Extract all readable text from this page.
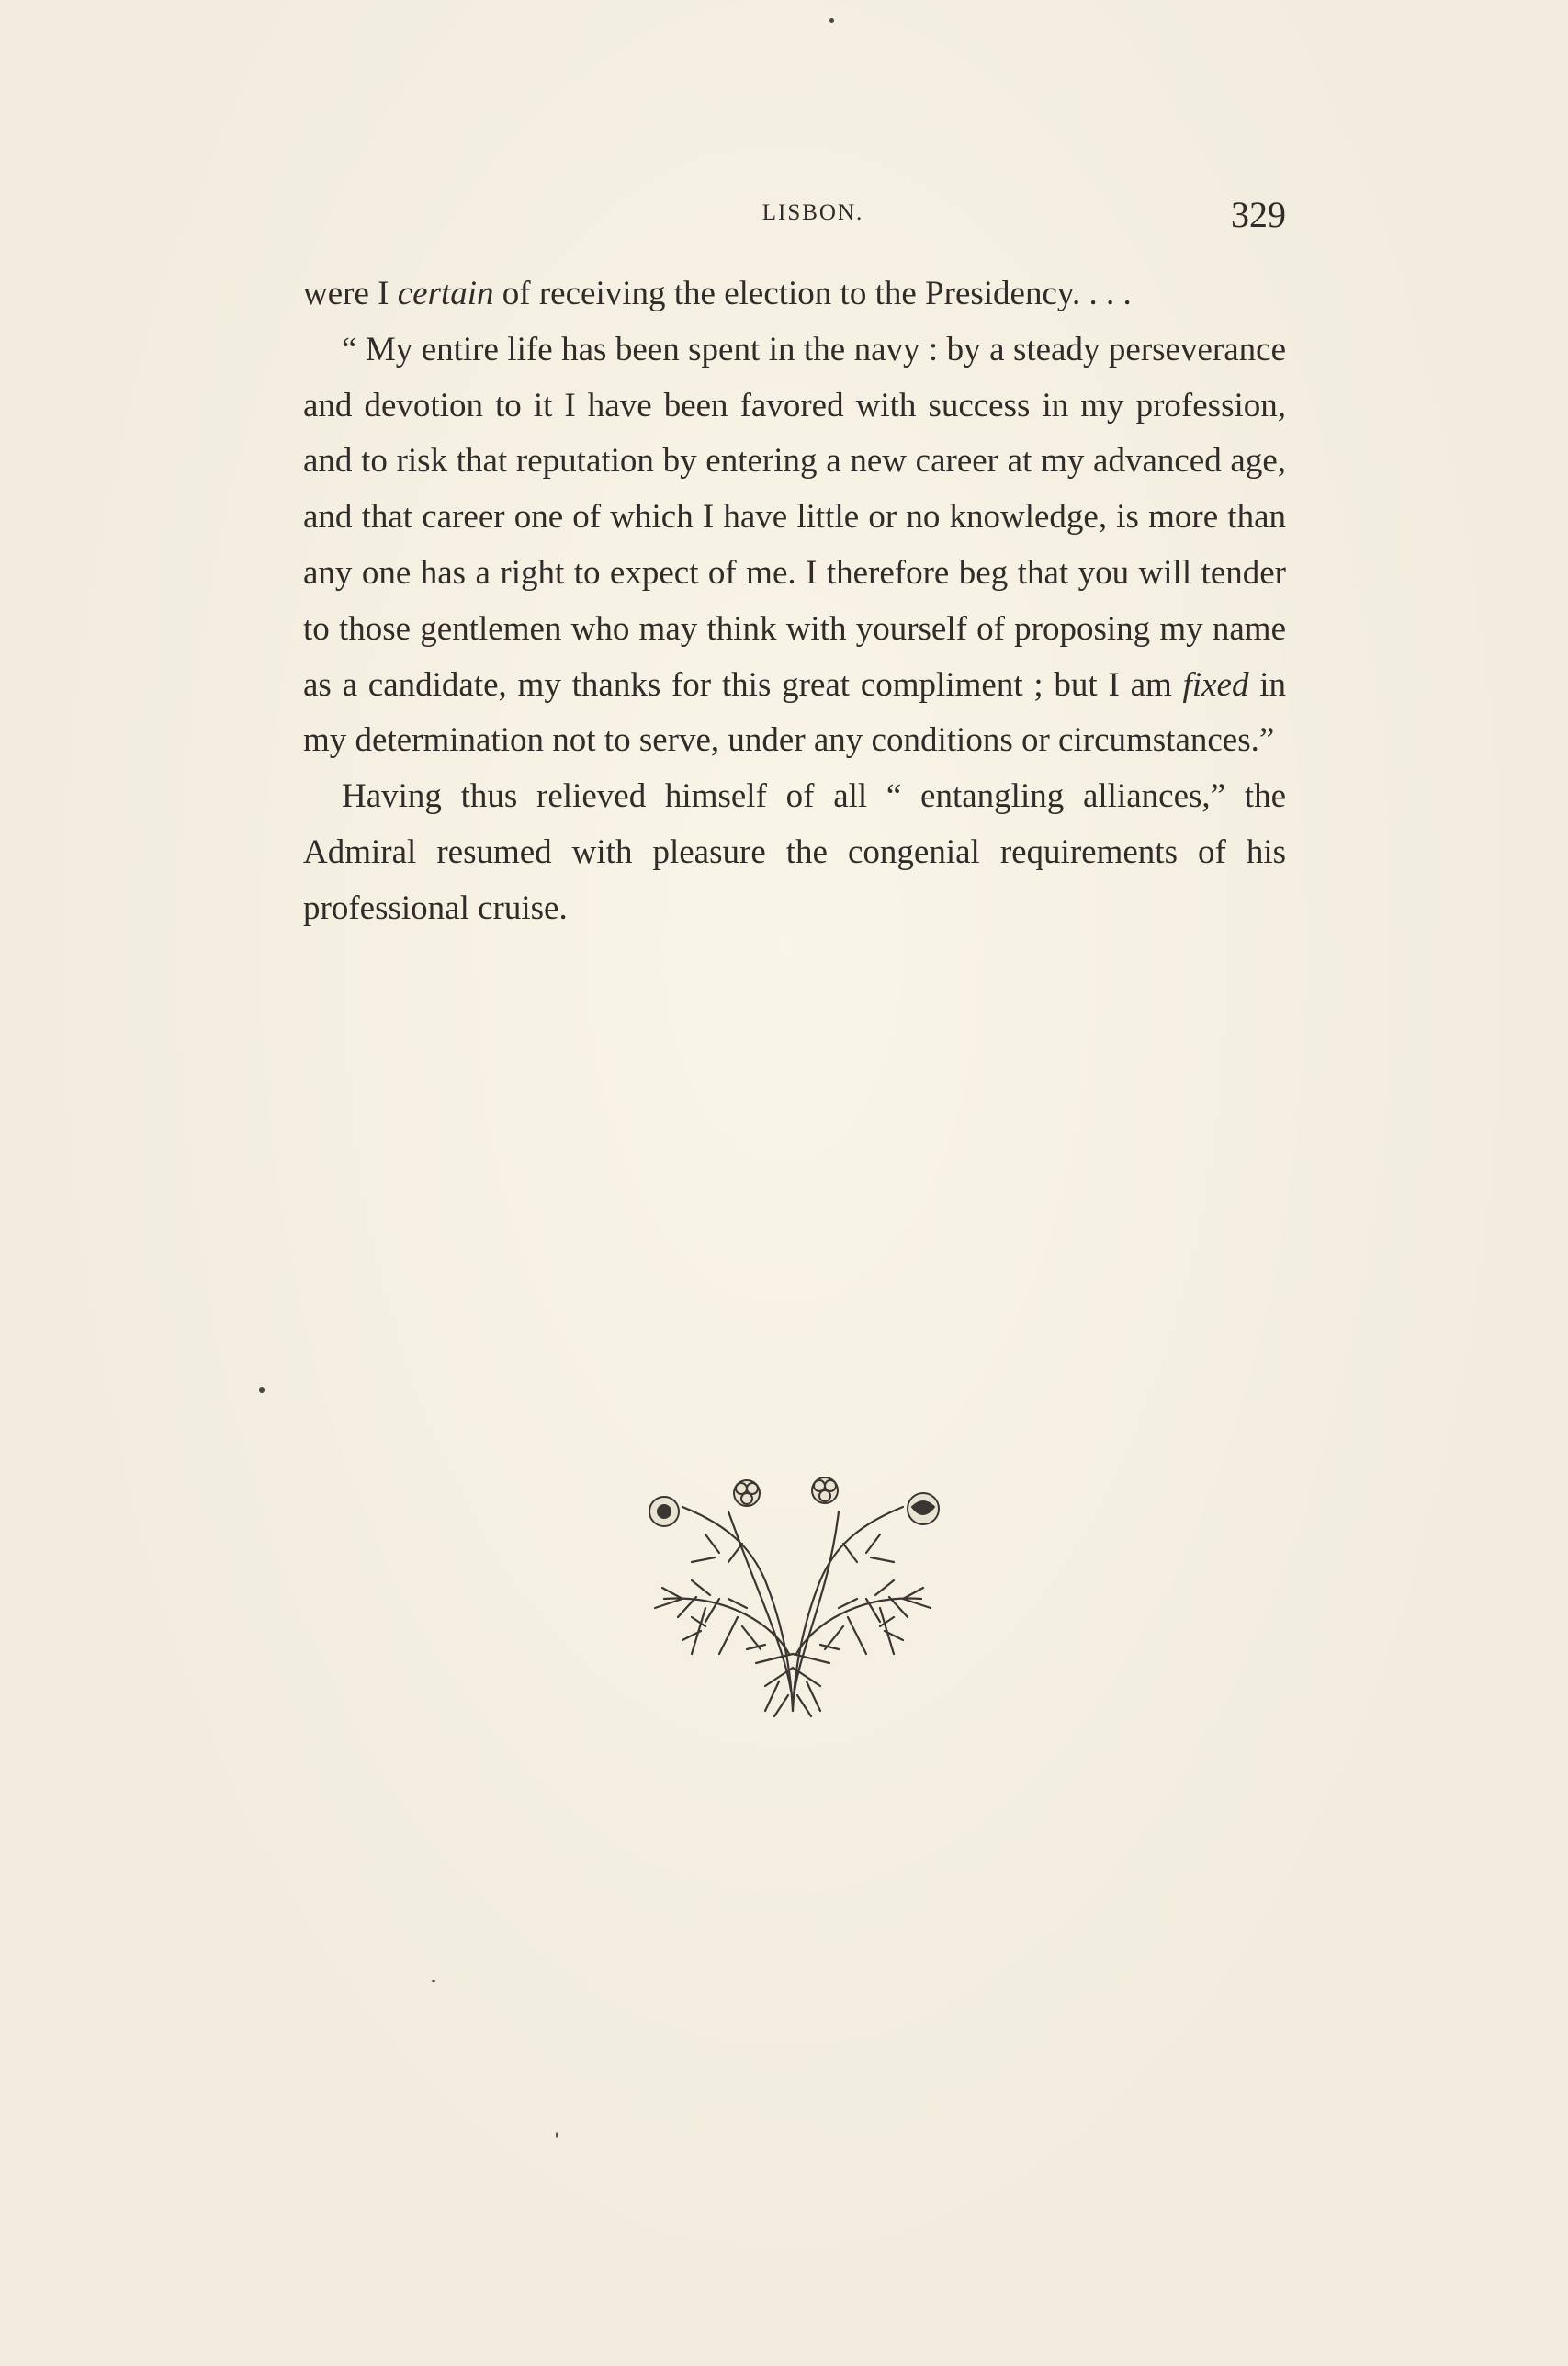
LISBON.	329

were I certain of receiving the election to the Presidency. . . .

“ My entire life has been spent in the navy : by a steady perseverance and devotion to it I have been favored with success in my profession, and to risk that reputation by entering a new career at my advanced age, and that career one of which I have little or no knowledge, is more than any one has a right to expect of me. I therefore beg that you will tender to those gentlemen who may think with yourself of proposing my name as a candidate, my thanks for this great compliment ; but I am fixed in my determination not to serve, under any conditions or circumstances.”

Having thus relieved himself of all “ entangling alliances,” the Admiral resumed with pleasure the congenial requirements of his professional cruise.
